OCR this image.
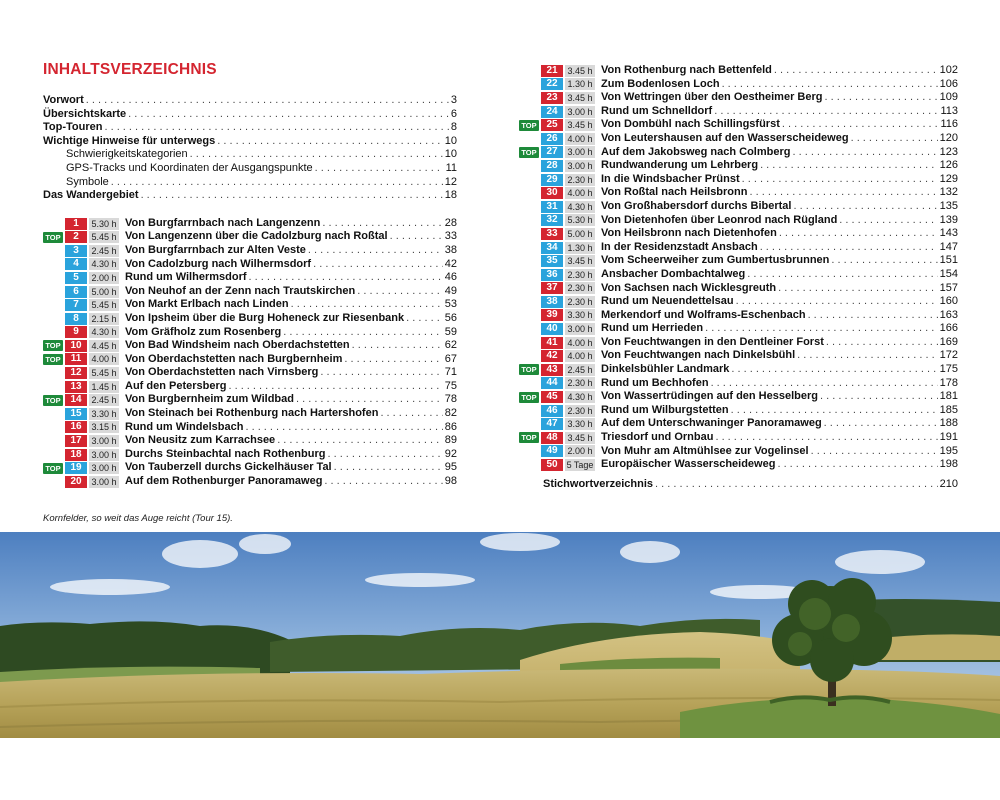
INHALTSVERZEICHNIS
Vorwort . . .	3
Übersichtskarte . . .	6
Top-Touren . . .	8
Wichtige Hinweise für unterwegs . . .	10
Schwierigkeitskategorien . . .	10
GPS-Tracks und Koordinaten der Ausgangspunkte . . .	11
Symbole . . .	12
Das Wandergebiet . . .	18
1	5.30 h Von Burgfarrnbach nach Langenzenn . . .	28
TOP	2	5.45 h Von Langenzenn über die Cadolzburg nach Roßtal . . .	33
3	2.45 h Von Burgfarrnbach zur Alten Veste . . .	38
4	4.30 h Von Cadolzburg nach Wilhermsdorf . . .	42
5	2.00 h Rund um Wilhermsdorf . . .	46
6	5.00 h Von Neuhof an der Zenn nach Trautskirchen . . .	49
7	5.45 h Von Markt Erlbach nach Linden . . .	53
8	2.15 h Von Ipsheim über die Burg Hoheneck zur Riesenbank . . .	56
9	4.30 h Vom Gräfholz zum Rosenberg . . .	59
TOP 10	4.45 h Von Bad Windsheim nach Oberdachstetten . . .	62
TOP	11	4.00 h Von Oberdachstetten nach Burgbernheim . . .	67
12	5.45 h Von Oberdachstetten nach Virnsberg . . .	71
13	1.45 h Auf den Petersberg . . .	75
TOP 14	2.45 h Von Burgbernheim zum Wildbad . . .	78
15	3.30 h Von Steinach bei Rothenburg nach Hartershofen . . .	82
16	3.15 h Rund um Windelsbach . . .	86
17	3.00 h Von Neusitz zum Karrachsee . . .	89
18	3.00 h Durchs Steinbachtal nach Rothenburg . . .	92
TOP 19	3.00 h Von Tauberzell durchs Gickelhäuser Tal . . .	95
20	3.00 h Auf dem Rothenburger Panoramaweg . . .	98
21	3.45 h Von Rothenburg nach Bettenfeld . . .	102
22	1.30 h Zum Bodenlosen Loch . . .	106
23	3.45 h Von Wettringen über den Oestheimer Berg . . .	109
24	3.00 h Rund um Schnelldorf . . .	113
TOP 25	3.45 h Von Dombühl nach Schillingsfürst . . .	116
26	4.00 h Von Leutershausen auf den Wasserscheideweg . . .	120
TOP 27	3.00 h Auf dem Jakobsweg nach Colmberg . . .	123
28	3.00 h Rundwanderung um Lehrberg . . .	126
29	2.30 h In die Windsbacher Prünst . . .	129
30	4.00 h Von Roßtal nach Heilsbronn . . .	132
31	4.30 h Von Großhabersdorf durchs Bibertal . . .	135
32	5.30 h Von Dietenhofen über Leonrod nach Rügland . . .	139
33	5.00 h Von Heilsbronn nach Dietenhofen . . .	143
34	1.30 h In der Residenzstadt Ansbach . . .	147
35	3.45 h Vom Scheerweiher zum Gumbertusbrunnen . . .	151
36	2.30 h Ansbacher Dombachtalweg . . .	154
37	2.30 h Von Sachsen nach Wicklesgreuth . . .	157
38	2.30 h Rund um Neuendettelsau . . .	160
39	3.30 h Merkendorf und Wolframs-Eschenbach . . .	163
40	3.00 h Rund um Herrieden . . .	166
41	4.00 h Von Feuchtwangen in den Dentleiner Forst . . .	169
42	4.00 h Von Feuchtwangen nach Dinkelsbühl . . .	172
TOP 43	2.45 h Dinkelsbühler Landmark . . .	175
44	2.30 h Rund um Bechhofen . . .	178
TOP 45	4.30 h Von Wassertrüdingen auf den Hesselberg . . .	181
46	2.30 h Rund um Wilburgstetten . . .	185
47	3.30 h Auf dem Unterschwaninger Panoramaweg . . .	188
TOP 48	3.45 h Triesdorf und Ornbau . . .	191
49	2.00 h Von Muhr am Altmühlsee zur Vogelinsel . . .	195
50	5 Tage Europäischer Wasserscheideweg . . .	198
Stichwortverzeichnis . . .	210
Kornfelder, so weit das Auge reicht (Tour 15).
